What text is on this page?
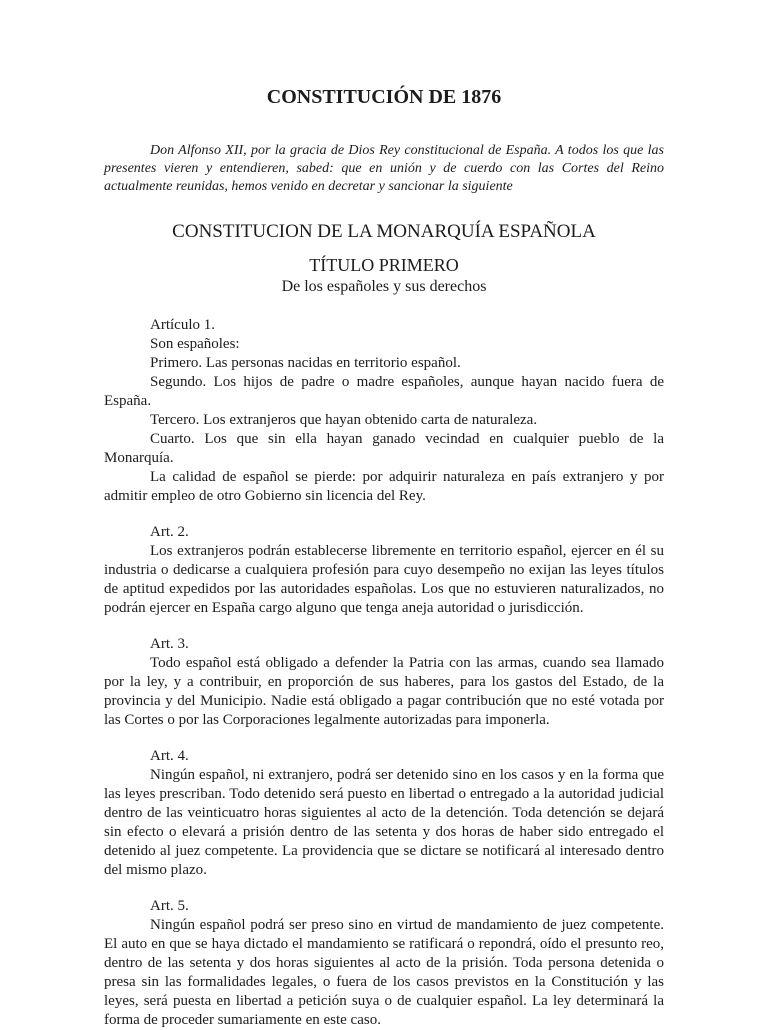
CONSTITUCIÓN DE 1876

Don Alfonso XII, por la gracia de Dios Rey constitucional de España. A todos los que las presentes vieren y entendieren, sabed: que en unión y de cuerdo con las Cortes del Reino actualmente reunidas, hemos venido en decretar y sancionar la siguiente

CONSTITUCION DE LA MONARQUÍA ESPAÑOLA
TÍTULO PRIMERO
De los españoles y sus derechos

Artículo 1.

Son españoles:

Primero. Las personas nacidas en territorio español.

Segundo. Los hijos de padre o madre españoles, aunque hayan nacido fuera de España.

Tercero. Los extranjeros que hayan obtenido carta de naturaleza.

Cuarto. Los que sin ella hayan ganado vecindad en cualquier pueblo de la Monarquía.

La calidad de español se pierde: por adquirir naturaleza en país extranjero y por admitir empleo de otro Gobierno sin licencia del Rey.

Art. 2.

Los extranjeros podrán establecerse libremente en territorio español, ejercer en él su industria o dedicarse a cualquiera profesión para cuyo desempeño no exijan las leyes títulos de aptitud expedidos por las autoridades españolas. Los que no estuvieren naturalizados, no podrán ejercer en España cargo alguno que tenga aneja autoridad o jurisdicción.

Art. 3.

Todo español está obligado a defender la Patria con las armas, cuando sea llamado por la ley, y a contribuir, en proporción de sus haberes, para los gastos del Estado, de la provincia y del Municipio. Nadie está obligado a pagar contribución que no esté votada por las Cortes o por las Corporaciones legalmente autorizadas para imponerla.

Art. 4.

Ningún español, ni extranjero, podrá ser detenido sino en los casos y en la forma que las leyes prescriban. Todo detenido será puesto en libertad o entregado a la autoridad judicial dentro de las veinticuatro horas siguientes al acto de la detención. Toda detención se dejará sin efecto o elevará a prisión dentro de las setenta y dos horas de haber sido entregado el detenido al juez competente. La providencia que se dictare se notificará al interesado dentro del mismo plazo.

Art. 5.

Ningún español podrá ser preso sino en virtud de mandamiento de juez competente. El auto en que se haya dictado el mandamiento se ratificará o repondrá, oído el presunto reo, dentro de las setenta y dos horas siguientes al acto de la prisión. Toda persona detenida o presa sin las formalidades legales, o fuera de los casos previstos en la Constitución y las leyes, será puesta en libertad a petición suya o de cualquier español. La ley determinará la forma de proceder sumariamente en este caso.
